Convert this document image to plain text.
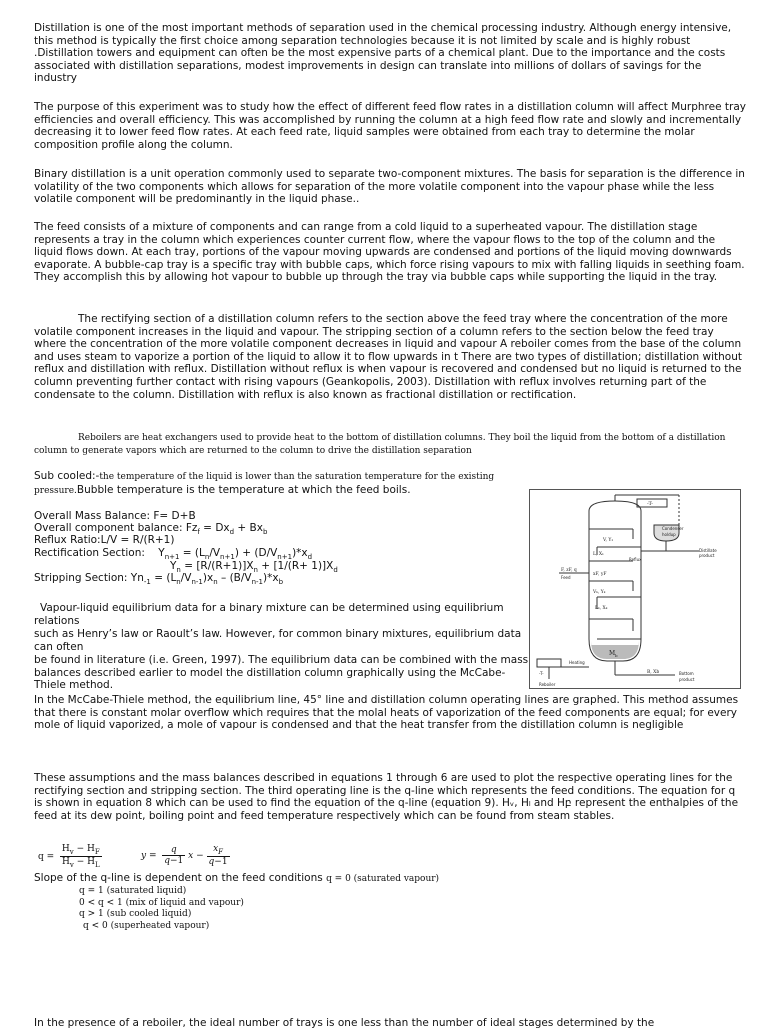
Distillation is one of the most important methods of separation used in the chemical processing industry. Although energy intensive, this method is typically the first choice among separation technologies because it is not limited by scale and is highly robust .Distillation towers and equipment can often be the most expensive parts of a chemical plant. Due to the importance and the costs associated with distillation separations, modest improvements in design can translate into millions of dollars of savings for the industry

The purpose of this experiment was to study how the effect of different feed flow rates in a distillation column will affect Murphree tray efficiencies and overall efficiency. This was accomplished by running the column at a high feed flow rate and slowly and incrementally decreasing it to lower feed flow rates. At each feed rate, liquid samples were obtained from each tray to determine the molar composition profile along the column.

Binary distillation is a unit operation commonly used to separate two-component mixtures. The basis for separation is the difference in volatility of the two components which allows for separation of the more volatile component into the vapour phase while the less volatile component will be predominantly in the liquid phase..

The feed consists of a mixture of components and can range from a cold liquid to a superheated vapour. The distillation stage represents a tray in the column which experiences counter current flow, where the vapour flows to the top of the column and the liquid flows down. At each tray, portions of the vapour moving upwards are condensed and portions of the liquid moving downwards evaporate. A bubble-cap tray is a specific tray with bubble caps, which force rising vapours to mix with falling liquids in seething foam. They accomplish this by allowing hot vapour to bubble up through the tray via bubble caps while supporting the liquid in the tray.

The rectifying section of a distillation column refers to the section above the feed tray where the concentration of the more volatile component increases in the liquid and vapour. The stripping section of a column refers to the section below the feed tray where the concentration of the more volatile component decreases in liquid and vapour A reboiler comes from the base of the column and uses steam to vaporize a portion of the liquid to allow it to flow upwards in t There are two types of distillation; distillation without reflux and distillation with reflux. Distillation without reflux is when vapour is recovered and condensed but no liquid is returned to the column preventing further contact with rising vapours (Geankopolis, 2003). Distillation with reflux involves returning part of the condensate to the column. Distillation with reflux is also known as fractional distillation or rectification.

Reboilers are heat exchangers used to provide heat to the bottom of distillation columns. They boil the liquid from the bottom of a distillation column to generate vapors which are returned to the column to drive the distillation separation

Sub cooled:-the temperature of the liquid is lower than the saturation temperature for the existing pressure.Bubble temperature is the temperature at which the feed boils.

Overall Mass Balance: F= D+B
Overall component balance: $Fz_f = Dx_d + Bx_b$
Reflux Ratio:L/V = R/(R+1)
Rectification Section:    $Y_{n+1} = (L_n/V_{n+1}) + (D/V_{n+1})*x_d$
$Y_n = [R/(R+1)]X_n + [1/(R+ 1)]X_d$
Stripping Section: $Yn_{-1} = (L_n/V_{n-1})x_n - (B/V_{n-1})*x_b$

Vapour-liquid equilibrium data for a binary mixture can be determined using equilibrium relations

such as Henry’s law or Raoult’s law. However, for common binary mixtures, equilibrium data can often

be found in literature (i.e. Green, 1997). The equilibrium data can be combined with the mass balances described earlier to model the distillation column graphically using the McCabe-Thiele method.

In the McCabe-Thiele method, the equilibrium line, 45° line and distillation column operating lines are graphed. This method assumes that there is constant molar overflow which requires that the molal heats of vaporization of the feed components are equal; for every mole of liquid vaporized, a mole of vapour is condensed and that the heat transfer from the distillation column is negligible

These assumptions and the mass balances described in equations 1 through 6 are used to plot the respective operating lines for the rectifying section and stripping section. The third operating line is the q-line which represents the feed conditions. The equation for q is shown in equation 8 which can be used to find the equation of the q-line (equation 9). Hᵥ, Hₗ and Hբ represent the enthalpies of the feed at its dew point, boiling point and feed temperature respectively which can be found from steam stables.

$q = \frac{H_v - H_F}{H_v - H_L}$	$y = \frac{q}{q-1}$ $x - \frac{x_F}{q-1}$

Slope of the q-line is dependent on the feed conditions q = 0 (saturated vapour)

q = 1 (saturated liquid)
0 < q < 1 (mix of liquid and vapour)
q > 1 (sub cooled liquid)
q < 0 (superheated vapour)

In the presence of a reboiler, the ideal number of trays is one less than the number of ideal stages determined by the

M b
-T-
Condenser
holdup
Reflux
Distillate
product
F, zF, q
Feed
xF, yF
V, Y₁
L, X₁
Vₖ, Yₖ
Lₖ, Xₖ
-T-
Reboiler
Heating
B, Xb	Bottom
product
